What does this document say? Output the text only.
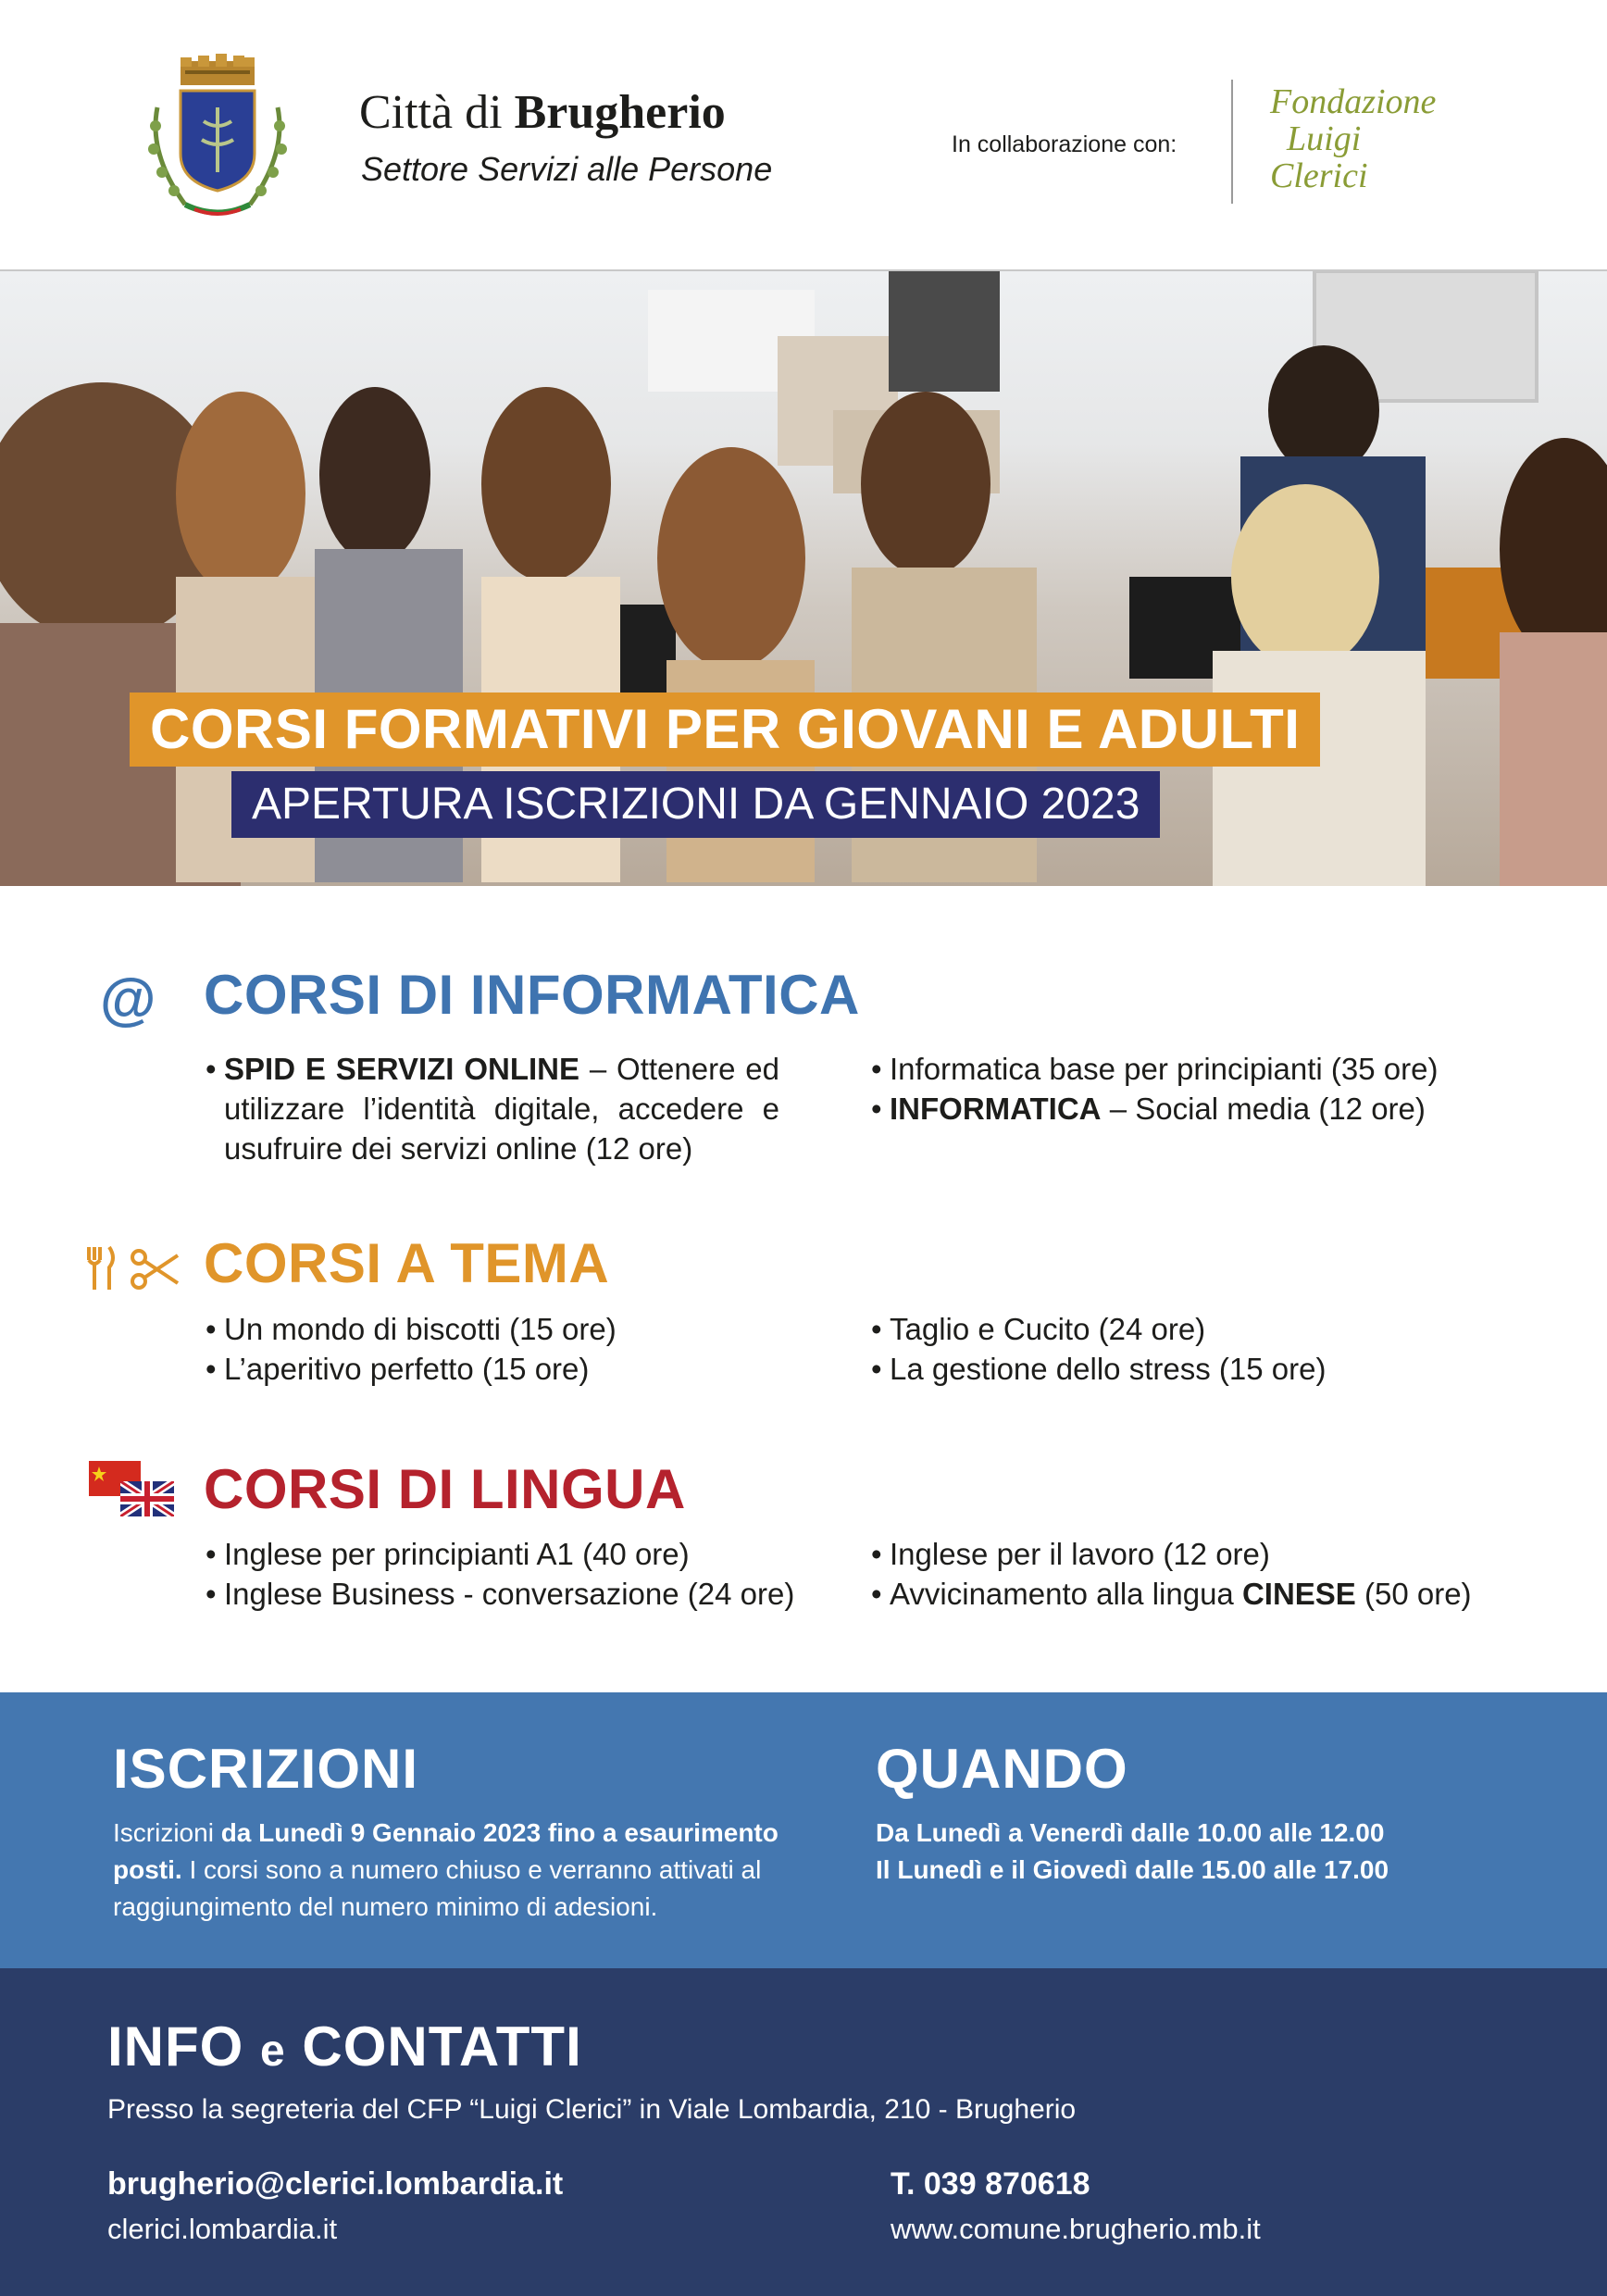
Città di Brugherio
Settore Servizi alle Persone
In collaborazione con:
Fondazione
Luigi
Clerici
CORSI FORMATIVI PER GIOVANI E ADULTI
APERTURA ISCRIZIONI DA GENNAIO 2023
@ CORSI DI INFORMATICA
• SPID E SERVIZI ONLINE – Ottenere ed utilizzare l’identità digitale, accedere e usufruire dei servizi online (12 ore)
• Informatica base per principianti (35 ore)
• INFORMATICA – Social media (12 ore)
CORSI A TEMA
• Un mondo di biscotti (15 ore)
• L’aperitivo perfetto (15 ore)
• Taglio e Cucito (24 ore)
• La gestione dello stress (15 ore)
CORSI DI LINGUA
• Inglese per principianti A1 (40 ore)
• Inglese Business - conversazione (24 ore)
• Inglese per il lavoro (12 ore)
• Avvicinamento alla lingua CINESE (50 ore)
ISCRIZIONI
Iscrizioni da Lunedì 9 Gennaio 2023 fino a esaurimento posti. I corsi sono a numero chiuso e verranno attivati al raggiungimento del numero minimo di adesioni.
QUANDO
Da Lunedì a Venerdì dalle 10.00 alle 12.00
Il Lunedì e il Giovedì dalle 15.00 alle 17.00
INFO e CONTATTI
Presso la segreteria del CFP “Luigi Clerici” in Viale Lombardia, 210 - Brugherio
brugherio@clerici.lombardia.it
clerici.lombardia.it
T. 039 870618
www.comune.brugherio.mb.it
